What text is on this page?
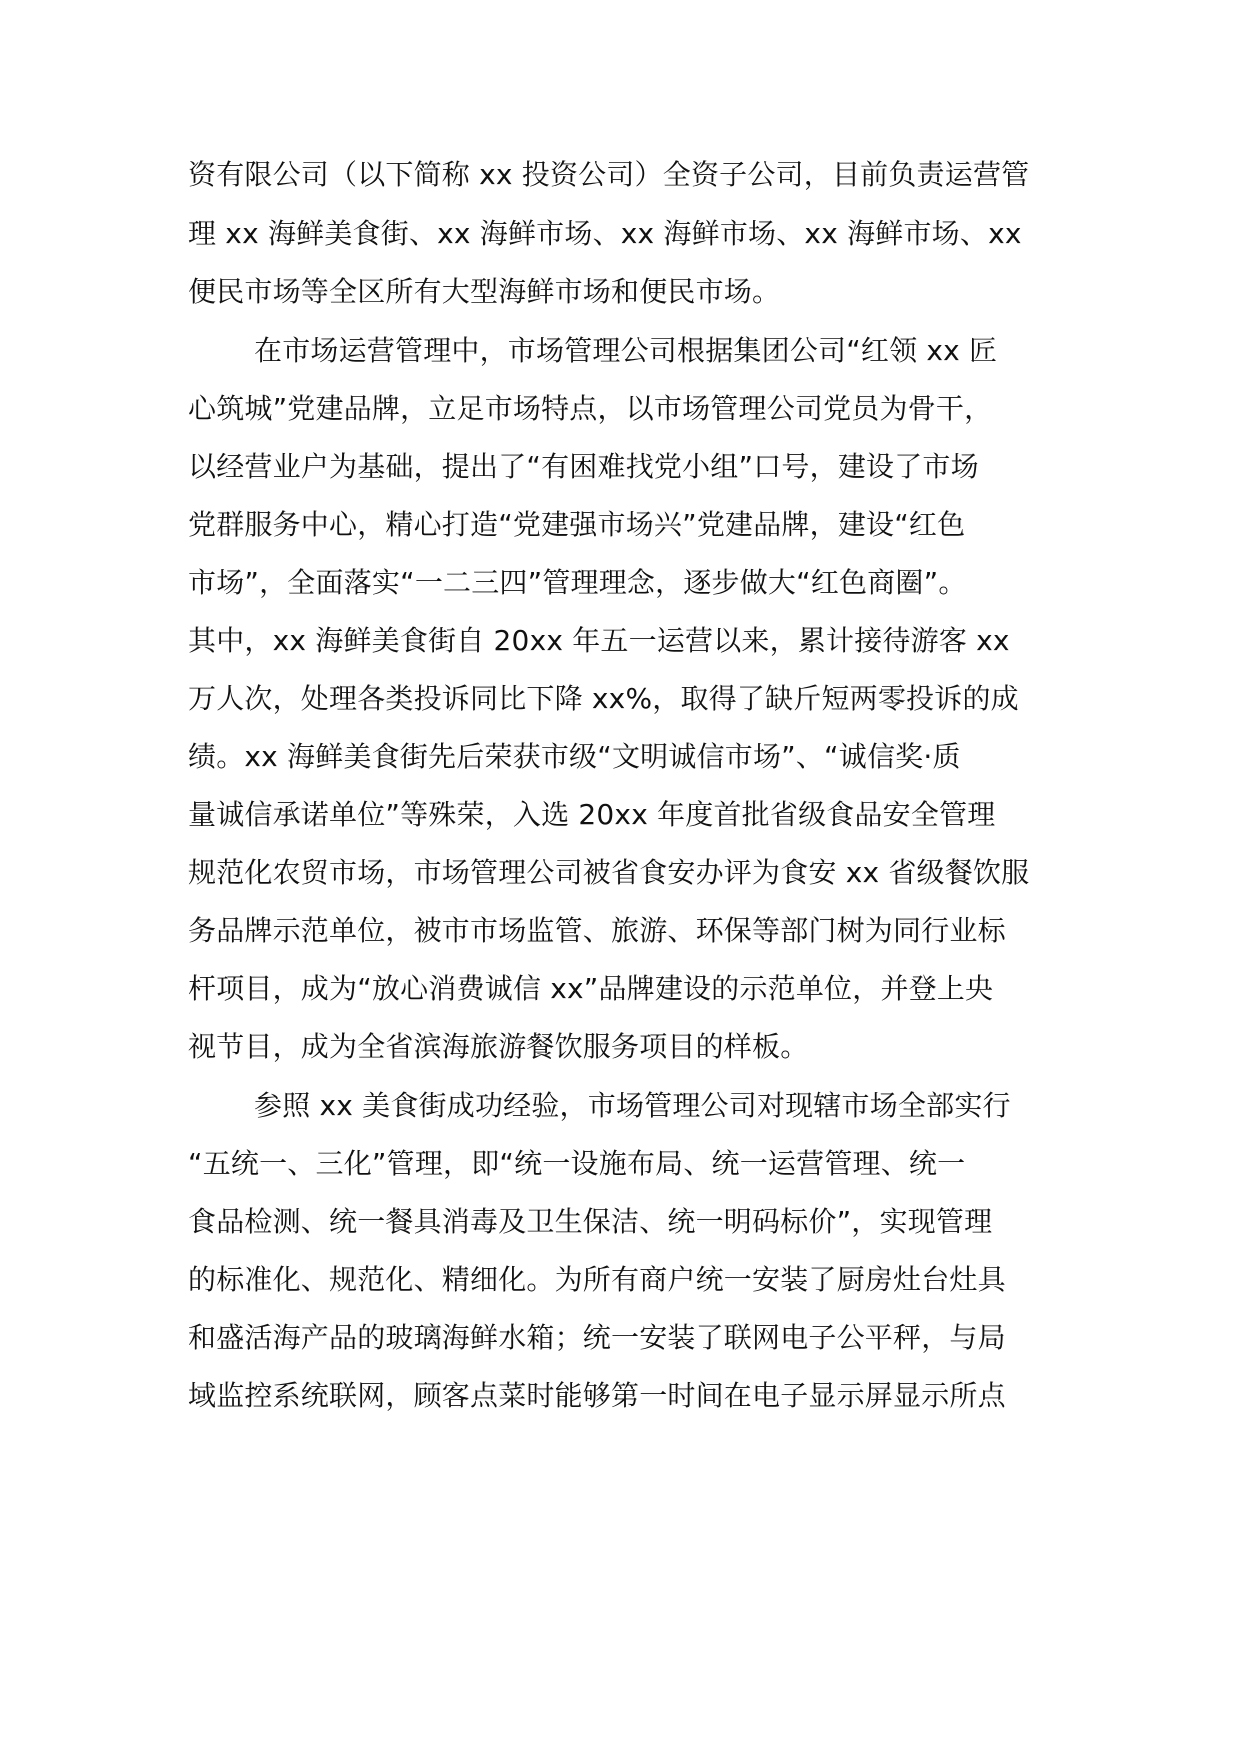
资有限公司（以下简称 xx 投资公司）全资子公司，目前负责运营管
理 xx 海鲜美食街、xx 海鲜市场、xx 海鲜市场、xx 海鲜市场、xx
便民市场等全区所有大型海鲜市场和便民市场。
在市场运营管理中，市场管理公司根据集团公司“红领 xx 匠
心筑城”党建品牌，立足市场特点，以市场管理公司党员为骨干，
以经营业户为基础，提出了“有困难找党小组”口号，建设了市场
党群服务中心，精心打造“党建强市场兴”党建品牌，建设“红色
市场”，全面落实“一二三四”管理理念，逐步做大“红色商圈”。
其中，xx 海鲜美食街自 20xx 年五一运营以来，累计接待游客 xx
万人次，处理各类投诉同比下降 xx%，取得了缺斤短两零投诉的成
绩。xx 海鲜美食街先后荣获市级“文明诚信市场”、“诚信奖·质
量诚信承诺单位”等殊荣，入选 20xx 年度首批省级食品安全管理
规范化农贸市场，市场管理公司被省食安办评为食安 xx 省级餐饮服
务品牌示范单位，被市市场监管、旅游、环保等部门树为同行业标
杆项目，成为“放心消费诚信 xx”品牌建设的示范单位，并登上央
视节目，成为全省滨海旅游餐饮服务项目的样板。
参照 xx 美食街成功经验，市场管理公司对现辖市场全部实行
“五统一、三化”管理，即“统一设施布局、统一运营管理、统一
食品检测、统一餐具消毒及卫生保洁、统一明码标价”，实现管理
的标准化、规范化、精细化。为所有商户统一安装了厨房灶台灶具
和盛活海产品的玻璃海鲜水箱；统一安装了联网电子公平秤，与局
域监控系统联网，顾客点菜时能够第一时间在电子显示屏显示所点
